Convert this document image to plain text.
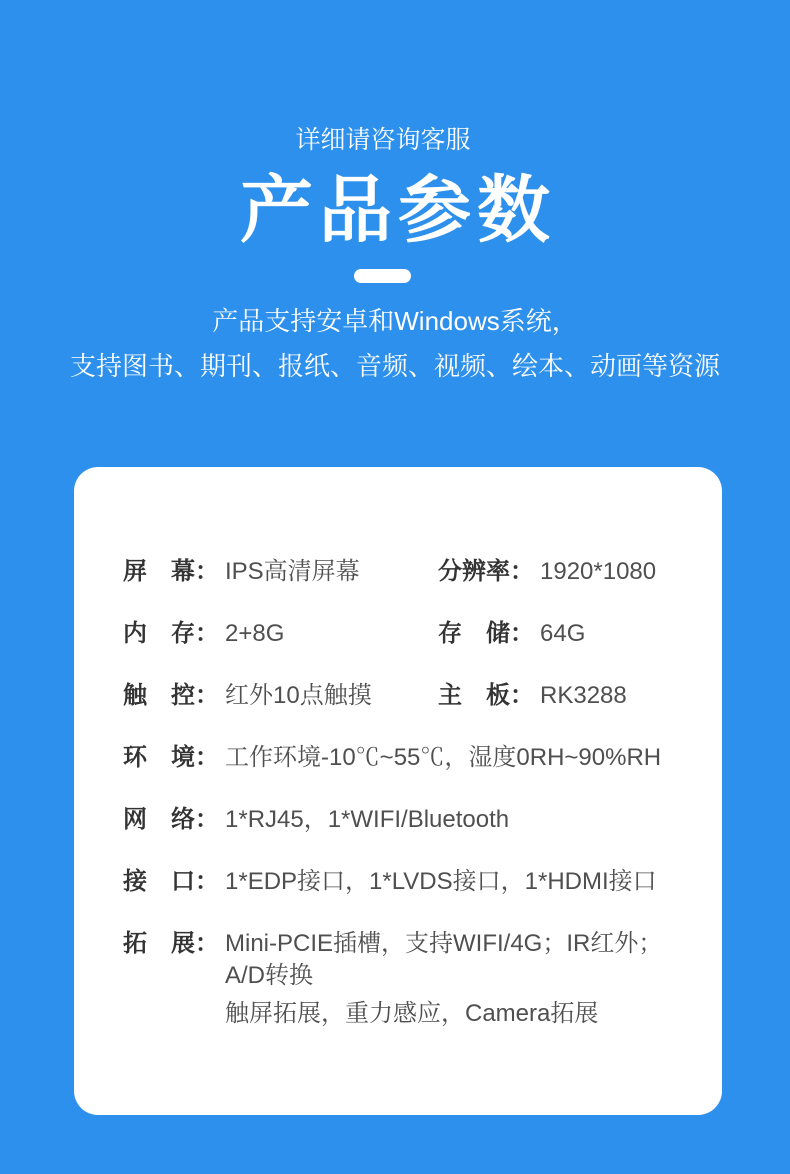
详细请咨询客服
产品参数

产品支持安卓和Windows系统，

支持图书、期刊、报纸、音频、视频、绘本、动画等资源

屏幕 ： IPS高清屏幕	分辨率 ： 1920*1080
内存 ： 2+8G	存储 ： 64G
触控 ： 红外10点触摸	主板 ： RK3288
环境 ： 工作环境-10℃~55℃，湿度0RH~90%RH
网络 ： 1*RJ45，1*WIFI/Bluetooth
接口 ： 1*EDP接口，1*LVDS接口，1*HDMI接口
拓展 ： Mini-PCIE插槽，支持WIFI/4G；IR红外；A/D转换
触屏拓展，重力感应，Camera拓展
